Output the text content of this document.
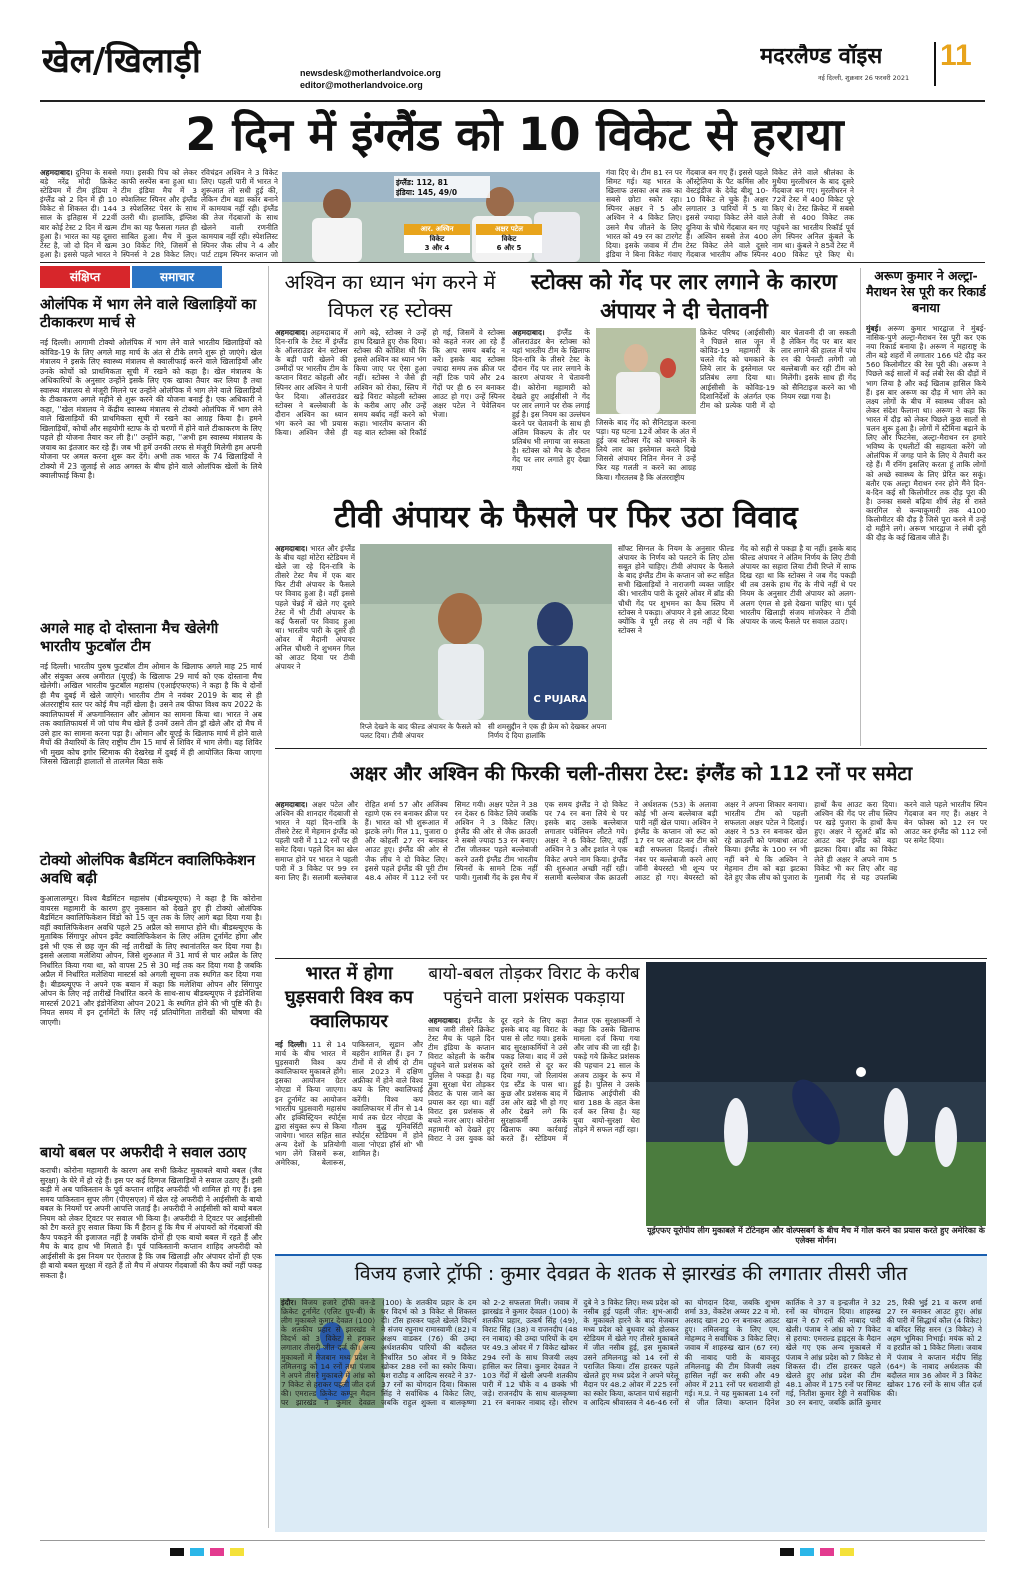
खेल/खिलाड़ी	newsdesk@motherlandvoice.org
editor@motherlandvoice.org
मदरलैण्ड वॉइस 11
नई दिल्ली, शुक्रवार 26 फरवरी 2021
2 दिन में इंग्लैंड को 10 विकेट से हराया
अहमदाबाद। दुनिया के सबसे बड़े नरेंद्र मोदी क्रिकेट स्टेडियम में टीम इंडिया ने इंग्लैंड को 2 दिन में ही 10 विकेट से शिकस्त दी। 144 साल के इतिहास में 22वीं बार कोई टेस्ट 2 दिन में खत्म हुआ है। भारत का यह दूसरा टेस्ट है, जो दो दिन में खत्म हुआ है। इससे पहले भारत ने
गया। इसकी पिच को लेकर काफी सस्पेंस बना हुआ था। टीम इंडिया मैच में 3 स्पेशलिस्ट स्पिनर और इंग्लैंड 3 स्पेशलिस्ट पेसर के साथ उतरी थी। हालांकि, इंग्लिश टीम का यह फैसला गलत ही साबित हुआ। मैच में कुल 30 विकेट गिरे, जिसमें से स्पिनर्स ने 28 विकेट लिए।
रविचंद्रन अश्विन ने 3 विकेट लिए। पहली पारी में भारत ने शुरूआत तो सधी हुई की, लेकिन टीम बड़ा स्कोर बनाने में कामयाब नहीं रही। इंग्लैंड की तेज गेंदबाजों के साथ खेलने वाली रणनीति कामयाब नहीं रही। स्पेशलिस्ट स्पिनर जैक लीच ने 4 और पार्ट टाइम स्पिनर कप्तान जो
इंग्लैंड: 112, 81
इंडिया: 145, 49/0
आर. अश्विन
विकेट
3 और 4
अक्षर पटेल
विकेट
6 और 5
गंवा दिए थे। टीम 81 रन पर सिमट गई। यह भारत के खिलाफ उसका अब तक का सबसे छोटा स्कोर रहा। स्पिनर अक्षर ने 5 और अश्विन ने 4 विकेट लिए। उसने मैच जीतने के लिए भारत को 49 रन का टारगेट दिया। इसके जवाब में टीम इंडिया ने बिना विकेट गंवाए
गेंदबाज बन गए हैं। इससे पहले ऑस्ट्रेलिया के पैट कमिंस और वेस्टइंडीज के देवेंद्र बीशू 10-10 विकेट ले चुके हैं। अक्षर लगातार 3 पारियों में 5 या इससे ज्यादा विकेट लेने वाले दुनिया के चौथे गेंदबाज बन गए हैं। अश्विन सबसे तेज 400 टेस्ट विकेट लेने वाले दूसरे गेंदबाज भारतीय ऑफ स्पिनर
विकेट लेने वाले श्रीलंका के मुथैया मुरलीधरन के बाद दूसरे गेंदबाज बन गए। मुरलीधरन ने 72वें टेस्ट में 400 विकेट पूरे किए थे। टेस्ट क्रिकेट में सबसे तेजी से 400 विकेट तक पहुंचने का भारतीय रिकॉर्ड पूर्व लेग स्पिनर अनिल कुंबले के नाम था। कुंबले ने 85वें टेस्ट में 400 विकेट पूरे किए थे।
संक्षिप्त	समाचार
ओलंपिक में भाग लेने वाले खिलाड़ियों का टीकाकरण मार्च से
नई दिल्ली। आगामी टोक्यो ओलंपिक में भाग लेने वाले भारतीय खिलाड़ियों को कोविड-19 के लिए अगले माह मार्च के अंत से टीके लगने शुरू हो जाएंगे। खेल मंत्रालय ने इसके लिए स्वास्थ्य मंत्रालय से क्वालीफाई करने वाले खिलाड़ियों और उनके कोचों को प्राथमिकता सूची में रखने को कहा है। खेल मंत्रालय के अधिकारियों के अनुसार उन्होंने इसके लिए एक खाका तैयार कर लिया है तथा स्वास्थ्य मंत्रालय से मंजूरी मिलने पर उन्होंने ओलंपिक में भाग लेने वाले खिलाड़ियों के टीकाकरण अगले महीने से शुरू करने की योजना बनाई है। एक अधिकारी ने कहा, ''खेल मंत्रालय ने केंद्रीय स्वास्थ्य मंत्रालय से टोक्यो ओलंपिक में भाग लेने वाले खिलाड़ियों की प्राथमिकता सूची में रखने का आग्रह किया है। हमने खिलाड़ियों, कोचों और सहयोगी स्टाफ के दो चरणों में होने वाले टीकाकरण के लिए पहले ही योजना तैयार कर ली है।'' उन्होंने कहा, ''अभी हम स्वास्थ्य मंत्रालय के जवाब का इंतजार कर रहे हैं। जब भी हमें उनकी तरफ से मंजूरी मिलेगी हम अपनी योजना पर अमल करना शुरू कर देंगे। अभी तक भारत के 74 खिलाड़ियों ने टोक्यो में 23 जुलाई से आठ अगस्त के बीच होने वाले ओलंपिक खेलों के लिये क्वालीफाई किया है।
अगले माह दो दोस्ताना मैच खेलेगी भारतीय फुटबॉल टीम
नई दिल्ली। भारतीय पुरुष फुटबॉल टीम ओमान के खिलाफ अगले माह 25 मार्च और संयुक्त अरब अमीरात (यूएई) के खिलाफ 29 मार्च को एक दोस्ताना मैच खेलेगी। अखिल भारतीय फुटबॉल महासंघ (एआईएफएफ) ने कहा है कि ये दोनों ही मैच दुबई में खेले जाएंगे। भारतीय टीम ने नवंबर 2019 के बाद से ही अंतरराष्ट्रीय स्तर पर कोई मैच नहीं खेला है। उसने तब फीफा विश्व कप 2022 के क्वालिफायर्स में अफगानिस्तान और ओमान का सामना किया था। भारत ने अब तक क्वालिफायर्स में जो पांच मैच खेले हैं उनमें उसने तीन ड्रॉ खेले और दो मैच में उसे हार का सामना करना पड़ा है। ओमान और यूएई के खिलाफ मार्च में होने वाले मैचों की तैयारियों के लिए राष्ट्रीय टीम 15 मार्च से शिविर में भाग लेगी। यह शिविर भी मुख्य कोच इगोर स्टिमाक की देखरेख में दुबई में ही आयोजित किया जाएगा जिससे खिलाड़ी हालातों से तालमेल बिठा सके
टोक्यो ओलंपिक बैडमिंटन क्वालिफिकेशन अवधि बढ़ी
कुआलालम्पुर। विश्व बैडमिंटन महासंघ (बीडब्ल्यूएफ) ने कहा है कि कोरोना वायरस महामारी के कारण हुए नुकसान को देखते हुए ही टोक्यो ओलंपिक बैडमिंटन क्वालिफिकेशन विंडो को 15 जून तक के लिए आगे बढ़ा दिया गया है। वहीं क्वालिफिकेशन अवधि पहले 25 अप्रैल को समाप्त होने थी। बीडब्ल्यूएफ के मुताबिक सिंगापुर ओपन इवेंट क्वालिफिकेशन के लिए अंतिम टूर्नामेंट होगा और इसे भी एक से छह जून की नई तारीखों के लिए स्थानांतरित कर दिया गया है। इससे अलावा मलेशिया ओपन, जिसे शुरुआत में 31 मार्च से चार अप्रैल के लिए निर्धारित किया गया था, को वापस 25 से 30 मई तक कर दिया गया है जबकि अप्रैल में निर्धारित मलेशिया मास्टर्स को अगली सूचना तक स्थगित कर दिया गया है। बीडब्ल्यूएफ ने अपने एक बयान में कहा कि मलेशिया ओपन और सिंगापुर ओपन के लिए नई तारीखें निर्धारित करने के साथ-साथ बीडब्ल्यूएफ ने इंडोनेशिया मास्टर्स 2021 और इंडोनेशिया ओपन 2021 के स्थगित होने की भी पुष्टि की है। नियत समय में इन टूर्नामेंटों के लिए नई प्रतियोगिता तारीखों की घोषणा की जाएगी।
बायो बबल पर अफरीदी ने सवाल उठाए
कराची। कोरोना महामारी के कारण अब सभी क्रिकेट मुकाबले बायो बबल (जैव सुरक्षा) के घेरे में हो रहे हैं। इस पर कई दिग्गज खिलाड़ियों ने सवाल उठाए हैं। इसी कड़ी में अब पाकिस्तान के पूर्व कप्तान शाहिद अफरीदी भी शामिल हो गए हैं। इस समय पाकिस्तान सुपर लीग (पीएसएल) में खेल रहे अफरीदी ने आईसीसी के बायो बबल के नियमों पर अपनी आपत्ति जताई है। अफरीदी ने आईसीसी को बायो बबल नियम को लेकर टि्वटर पर सवाल भी किया है। अफरीदी ने टि्वटर पर आईसीसी को टैग करते हुए सवाल किया कि मैं हैरान हूं कि मैच में अंपायरों को गेंदबाजों की कैप पकड़ने की इजाजत नहीं है जबकि दोनों ही एक बायो बबल में रहते हैं और मैच के बाद हाथ भी मिलाते हैं। पूर्व पाकिस्तानी कप्तान शाहिद अफरीदी को आईसीसी के इस नियम पर ऐतराज है कि जब खिलाड़ी और अंपायर दोनों ही एक ही बायो बबल सुरक्षा में रहते हैं तो मैच में अंपायर गेंदबाजों की कैप क्यों नहीं पकड़ सकता है।
अश्विन का ध्यान भंग करने में विफल रह स्टोक्स
अहमदाबाद। अहमदाबाद में दिन-रात्रि के टेस्ट में इंग्लैंड के ऑलराउंडर बेन स्टोक्स के बड़ी पारी खेलने की उम्मीदों पर भारतीय टीम के कप्तान विराट कोहली और स्पिनर आर अश्विन ने पानी फेर दिया। ऑलराउंडर स्टोक्स ने बल्लेबाजी के दौरान अश्विन का ध्यान भंग करने का भी प्रयास किया। अश्विन जैसे ही आगे बढ़े, स्टोक्स ने उन्हें हाथ दिखाते हुए रोक दिया। स्टोक्स की कोशिश थी कि इससे अश्विन का ध्यान भंग किया जाए पर ऐसा हुआ नहीं। स्टोक्स ने जैसे ही अश्विन को रोका, स्लिप में खड़े विराट कोहली स्टोक्स के करीब आए और उन्हें समय बर्बाद नहीं करने को कहा। भारतीय कप्तान की यह बात स्टोक्स को रिकॉर्ड हो गई, जिसमें वे स्टोक्स को कहते नजर आ रहे हैं कि आप समय बर्बाद न करें। इसके बाद स्टोक्स ज्यादा समय तक क्रीज पर नहीं टिक पाये और 24 गेंदों पर ही 6 रन बनाकर आउट हो गए। उन्हें स्पिनर अक्षर पटेल ने पेवेलियन भेजा।
स्टोक्स को गेंद पर लार लगाने के कारण अंपायर ने दी चेतावनी
अहमदाबाद। इंग्लैंड के ऑलराउंडर बेन स्टोक्स को यहां भारतीय टीम के खिलाफ दिन-रात्रि के तीसरे टेस्ट के दौरान गेंद पर लार लगाने के कारण अंपायर ने चेतावनी दी। कोरोना महामारी को देखते हुए आईसीसी ने गेंद पर लार लगाने पर रोक लगाई हुई है। इस नियम का उल्लंघन करने पर चेतावनी के साथ ही अंतिम विकल्प के तौर पर प्रतिबंध भी लगाया जा सकता है। स्टोक्स को मैच के दौरान गेंद पर लार लगाते हुए देखा गया
जिसके बाद गेंद को सैनिटाइज करना पड़ा। यह घटना 12वें ओवर के अंत में हुई जब स्टोक्स गेंद को चमकाने के लिये लार का इस्तेमाल करते दिखे जिससे अंपायर नितिन मेनन ने उन्हें फिर यह गलती न करने का आग्रह किया। गौरतलब है कि अंतरराष्ट्रीय
क्रिकेट परिषद (आईसीसी) ने पिछले साल जून में कोविड-19 महामारी के चलते गेंद को चमकाने के लिये लार के इस्तेमाल पर प्रतिबंध लगा दिया था। आईसीसी के कोविड-19 दिशानिर्देशों के अंतर्गत एक टीम को प्रत्येक पारी में दो बार चेतावनी दी जा सकती है लेकिन गेंद पर बार बार लार लगाने की हालत में पांच रन की पेनल्टी लगेगी जो बल्लेबाजी कर रही टीम को मिलेंगी। इसके साथ ही गेंद को सैनिटाइज करने का भी नियम रखा गया है।
अरूण कुमार ने अल्ट्रा-मैराथन रेस पूरी कर रिकार्ड बनाया
मुंबई। अरूण कुमार भारद्वाज ने मुंबई-नासिक-पुणे अल्ट्रा-मैराथन रेस पूरी कर एक नया रिकार्ड बनाया है। अरूण ने महाराष्ट्र के तीन बड़े शहरों में लगातार 166 घंटे दौड़ कर 560 किलोमीटर की रेस पूरी की। अरूण ने पिछले कई सालों में कई लंबी रेस की दौड़ों में भाग लिया है और कई खिताब हासिल किये हैं। इस बार अरूण का दौड़ में भाग लेने का लक्ष्य लोगों के बीच में स्वास्थ्य जीवन को लेकर संदेश फैलाना था। अरूण ने कहा कि भारत में दौड़ को लेकर पिछले कुछ सालों से चलन शुरू हुआ है। लोगों में स्टैमिना बढ़ाने के लिए और फिटनेस, अल्ट्रा-मैराथन रन हमारे भविष्य के एथलीटों की सहायता करेंगे जो ओलंपिक में जगह पाने के लिए ये तैयारी कर रहे हैं। मैं रनिंग इसलिए करता हूं ताकि लोगों को अच्छे स्वास्थ्य के लिए प्रेरित कर सकूं। बतौर एक अल्ट्रा मैराथन रनर होने मैंने दिन-ब-दिन कई सौ किलोमीटर तक दौड़ पूरा की है। उनका सबसे बढ़िया शीर्ष लेह से रास्ते कारगिल से कन्याकुमारी तक 4100 किलोमीटर की दौड़ है जिसे पूरा करने में उन्हें दो महीने लगे। अरूण भारद्वाज ने लंबी दूरी की दौड़ के कई खिताब जीते हैं।
टीवी अंपायर के फैसले पर फिर उठा विवाद
अहमदाबाद। भारत और इंग्लैंड के बीच यहां मोटेरा स्टेडियम में खेले जा रहे दिन-रात्रि के तीसरे टेस्ट मैच में एक बार फिर टीवी अंपायर के फैसले पर विवाद हुआ है। वहीं इससे पहले चेन्नई में खेले गए दूसरे टेस्ट में भी टीवी अंपायर के कई फैसलों पर विवाद हुआ था। भारतीय पारी के दूसरे ही ओवर में मैदानी अंपायर अनिल चौधरी ने शुभमन गिल को आउट दिया पर टीवी अंपायर ने
C PUJARA
रिप्ले देखने के बाद फील्ड अंपायर के फैसले को पलट दिया। टीवी अंपायर
सी शमसुद्दीन ने एक ही फ्रेम को देखकर अपना निर्णय दे दिया हालांकि
सॉफ्ट सिग्नल के नियम के अनुसार फील्ड अंपायर के निर्णय को पलटने के लिए ठोस सबूत होने चाहिए। टीवी अंपायर के फैसले के बाद इंग्लैंड टीम के कप्तान जो रूट सहित सभी खिलाड़ियों ने नाराजगी व्यक्त जाहिर की। भारतीय पारी के दूसरे ओवर में ब्रॉड की चौथी गेंद पर शुभमन का कैच स्लिप में स्टोक्स ने पकड़ा। अंपायर ने इसे आउट दिया क्योंकि वे पूरी तरह से तय नहीं थे कि स्टोक्स ने
गेंद को सही से पकड़ा है या नहीं। इसके बाद फील्ड अंपायर ने अंतिम निर्णय के लिए टीवी अंपायर का सहारा लिया टीवी रिप्ले में साफ दिख रहा था कि स्टोक्स ने जब गेंद पकड़ी थी तब उसके हाथ गेंद के नीचे नहीं थे पर नियम के अनुसार टीवी अंपायर को अलग-अलग एंगल से इसे देखना चाहिए था। पूर्व भारतीय खिलाड़ी संजय मांजरेकर ने टीवी अंपायर के जल्द फैसले पर सवाल उठाए।
अक्षर और अश्विन की फिरकी चली-तीसरा टेस्ट: इंग्लैंड को 112 रनों पर समेटा
अहमदाबाद। अक्षर पटेल और अश्विन की शानदार गेंदबाजी से भारत ने यहां दिन-रात्रि के तीसरे टेस्ट में मेहमान इंग्लैंड को पहली पारी में 112 रनों पर ही समेट दिया। पहले दिन का खेल समाप्त होने पर भारत ने पहली पारी में 3 विकेट पर 99 रन बना लिए हैं। सलामी बल्लेबाज रोहित शर्मा 57 और अजिंक्य रहाणे एक रन बनाकर क्रीज पर हैं। भारत को भी शुरूआत में झटके लगे। गिल 11, पुजारा 0 और कोहली 27 रन बनाकर आउट हुए। इंग्लैंड की ओर से जैक लीच ने दो विकेट लिए। इससे पहले इंग्लैंड की पूरी टीम 48.4 ओवर में 112 रनों पर सिमट गयी। अक्षर पटेल ने 38 रन देकर 6 विकेट लिये जबकि अश्विन ने 3 विकेट लिए। इंग्लैंड की ओर से जैक क्राउली ने सबसे ज्यादा 53 रन बनाए। टॉस जीतकर पहले बल्लेबाजी करने उतरी इंग्लैंड टीम भारतीय स्पिनरों के सामने टिक नहीं पायी। गुलाबी गेंद के इस मैच में एक समय इंग्लैंड ने दो विकेट पर 74 रन बना लिये थे पर इसके बाद उसके बल्लेबाज लगातार पवेलियन लौटते गये। अक्षर ने 6 विकेट लिए, वहीं अश्विन ने 3 और इशांत ने एक विकेट अपने नाम किया। इंग्लैंड की शुरुआत अच्छी नहीं रही। सलामी बल्लेबाज जैक क्राउली ने अर्धशतक (53) के अलावा कोई भी अन्य बल्लेबाज बड़ी पारी नहीं खेल पाया। अश्विन ने इंग्लैंड के कप्तान जो रूट को 17 रन पर आउट कर टीम को बड़ी सफलता दिलाई। तीसरे नंबर पर बल्लेबाजी करने आए जॉनी बेयरस्टो भी शून्य पर आउट हो गए। बेयरस्टो को अक्षर ने अपना शिकार बनाया। भारतीय टीम को पहली सफलता अक्षर पटेल ने दिलाई। अक्षर ने 53 रन बनाकर खेल रहे क्राउली को पगबाधा आउट किया। इंग्लैंड के 100 रन भी नहीं बने थे कि अश्विन ने मेहमान टीम को बड़ा झटका देते हुए जैक लीच को पुजारा के हाथों कैच आउट करा दिया। अश्विन की गेंद पर लीच स्लिप पर खड़े पुजारा के हाथों कैच हुए। अक्षर ने स्टुअर्ट ब्रॉड को आउट कर इंग्लैंड को बड़ा झटका दिया। ब्रॉड का विकेट लेते ही अक्षर ने अपने नाम 5 विकेट भी कर लिए और वह गुलाबी गेंद से यह उपलब्धि करने वाले पहले भारतीय स्पिन गेंदबाज बन गए हैं। अक्षर ने बेन फोक्स को 12 रन पर आउट कर इंग्लैंड को 112 रनों पर समेट दिया।
भारत में होगा घुड़सवारी विश्व कप क्वालिफायर
नई दिल्ली। 11 से 14 मार्च के बीच भारत में घुड़सवारी विश्व कप क्वालिफायर मुकाबले होंगे। इसका आयोजन ग्रेटर नोएडा में किया जाएगा। इन टूर्नामेंट का आयोजन भारतीय घुड़सवारी महासंघ और इक्विस्ट्रियन स्पोर्ट्स द्वारा संयुक्त रूप से किया जायेगा। भारत सहित सात अन्य देशों के प्रतियोगी भाग लेंगे जिसमें रूस, अमेरिका, बेलारूस, पाकिस्तान, सूडान और बहरीन शामिल हैं। इन 7 टीमों में से शीर्ष दो टीम साल 2023 में दक्षिण अफ्रीका में होने वाले विश्व कप के लिए क्वालिफाई करेंगी। विश्व कप क्वालिफायर में तीन से 14 मार्च तक ग्रेटर नोएडा के गौतम बुद्ध यूनिवर्सिटी स्पोर्ट्स स्टेडियम में होने वाला 'नोएडा हॉर्स शो' भी शामिल है।
बायो-बबल तोड़कर विराट के करीब पहुंचने वाला प्रशंसक पकड़ाया
अहमदाबाद। इंग्लैंड के साथ जारी तीसरे क्रिकेट टेस्ट मैच के पहले दिन टीम इंडिया के कप्तान विराट कोहली के करीब पहुंचने वाले प्रशंसक को पुलिस ने पकड़ा है। यह युवा सुरक्षा घेरा तोड़कर विराट के पास जाने का प्रयास कर रहा था। वहीं विराट इस प्रशंसक से बचते नजर आए। कोरोना महामारी को देखते हुए विराट ने उस युवक को दूर रहने के लिए कहा इसके बाद वह विराट के पास से लौट गया। इसके बाद सुरक्षाकर्मियों ने उसे पकड़ लिया। बाद में उसे दूसरे रास्ते से दूर कर दिया गया, जो रिलायंस एंड स्टैंड के पास था। कुछ और प्रशंसक बाद में उस ओर खड़े भी हो गए और देखने लगे कि सुरक्षाकर्मी उसके खिलाफ क्या कार्रवाई करते हैं। स्टेडियम में तैनात एक सुरक्षाकर्मी ने कहा कि उसके खिलाफ मामला दर्ज किया गया और जांच की जा रही है। पकड़े गये क्रिकेट प्रशंसक की पहचान 21 साल के अजय ठाकुर के रूप में हुई है। पुलिस ने उसके खिलाफ आईपीसी की धारा 188 के तहत केस दर्ज कर लिया है। यह युवा बायो-सुरक्षा घेरा तोड़ने में सफल नहीं रहा।
यूईएफए यूरोपीय लीग मुकाबले में टॉटेनहम और वोल्फ्सबर्ग के बीच मैच में गोल करने का प्रयास करते हुए अमेरिका के एलेक्स मोर्गन।
विजय हजारे ट्रॉफी : कुमार देवव्रत के शतक से झारखंड की लगातार तीसरी जीत
इंदौर। विजय हजारे ट्रॉफी वन-डे क्रिकेट टूर्नामेंट (एलिट ग्रुप-बी) के लीग मुकाबले कुमार देवव्रत (100) के शतकीय प्रहार से झारखंड ने विदर्भ को 3 विकेट से हराकर लगातार तीसरी जीत दर्ज की। अन्य मुकाबलों में मेजबान मध्य प्रदेश ने तमिलनाडु को 14 रनों तथा पंजाब ने अपने तीसरे मुकाबले में आंध्र को 7 विकेट से हराकर पहली जीत दर्ज की। एमराल्ड क्रिकेट कम्पून मैदान पर झारखंड ने कुमार देवव्रत (100) के शतकीय प्रहार के दम पर विदर्भ को 3 विकेट से शिकस्त दी। टॉस हारकर पहले खेलते विदर्भ ने संजय रघुनाथ रामास्वामी (82) व अक्षय वाडकर (76) की उम्दा अर्धशतकीय पारियों की बदौलत निर्धारित 50 ओवर में 9 विकेट खोकर 288 रनों का स्कोर किया। यश राठौड़ व आदित्य सरवटे ने 37-37 रनों का योगदान दिया। विकास सिंह ने सर्वाधिक 4 विकेट लिए, जबकि राहुल शुक्ला व बालकृष्णा को 2-2 सफलता मिली। जवाब में झारखंड ने कुमार देवव्रत (100) के शतकीय प्रहार, उत्कर्ष सिंह (49), विराट सिंह (38) व राजनदीप (48 रन नाबाद) की उम्दा पारियों के दम पर 49.3 ओवर में 7 विकेट खोकर 294 रनों के साथ विजयी लक्ष्य हासिल कर लिया। कुमार देवव्रत ने 103 गेंदों में खेली अपनी शतकीय पारी में 12 चौके व 4 छक्के भी जड़े। राजनदीप के साथ बालकृष्णा 21 रन बनाकर नाबाद रहे। सौरभ दुबे ने 3 विकेट लिए। मध्य प्रदेश को नसीब हुई पहली जीत: शुभ-आदी के मुकाबले हारने के बाद मेजबान मध्य प्रदेश को बुधवार को होलकर स्टेडियम में खेले गए तीसरे मुकाबले में जीत नसीब हुई, इस मुकाबले उसने तमिलनाडु को 14 रनों से पराजित किया। टॉस हारकर पहले खेलते हुए मध्य प्रदेश ने अपने घरेलू मैदान पर 48.2 ओवर में 225 रनों का स्कोर किया, कप्तान पार्थ सहानी व आदित्य श्रीवास्तव ने 46-46 रनों का योगदान दिया, जबकि शुभम शर्मा 33, वेंकटेश अय्यर 22 व मो. अरशद खान 20 रन बनाकर आउट हुए। तमिलनाडु के लिए एम. मोहम्मद ने सर्वाधिक 3 विकेट लिए। जवाब में शाहरुख खान (67 रन) की नाबाद पारी के बावजूद तमिलनाडु की टीम विजयी लक्ष्य हासिल नहीं कर सकी और 49 ओवर में 211 रनों पर धराशायी हो गई। म.प्र. ने यह मुकाबला 14 रनों से जीत लिया। कप्तान दिनेश कार्तिक ने 37 व इन्द्रजीत ने 32 रनों का योगदान दिया। शाहरुख खान ने 67 रनों की नाबाद पारी खेली। पंजाब ने आंध्र को 7 विकेट से हराया: एमराल्ड हाइट्स के मैदान खेले गए एक अन्य मुकाबले में पंजाब ने आंध्र प्रदेश को 7 विकेट से शिकस्त दी। टॉस हारकर पहले खेलते हुए आंध्र प्रदेश की टीम 48.1 ओवर में 175 रनों पर सिमट गई, नितीश कुमार रेड्डी ने सर्वाधिक 30 रन बनाए, जबकि क्रांति कुमार 25, रिकी भुई 21 व करण शर्मा 27 रन बनाकर आउट हुए। आंध्र की पारी में सिद्धार्थ कौल (4 विकेट) व बरिंदर सिंह सरन (3 विकेट) ने अहम भूमिका निभाई। मयंक को 2 व हरप्रीत को 1 विकेट मिला। जवाब में पंजाब ने कप्तान मंदीप सिंह (64*) के नाबाद अर्धशतक की बदौलत मात्र 36 ओवर में 3 विकेट खोकर 176 रनों के साथ जीत दर्ज की।
